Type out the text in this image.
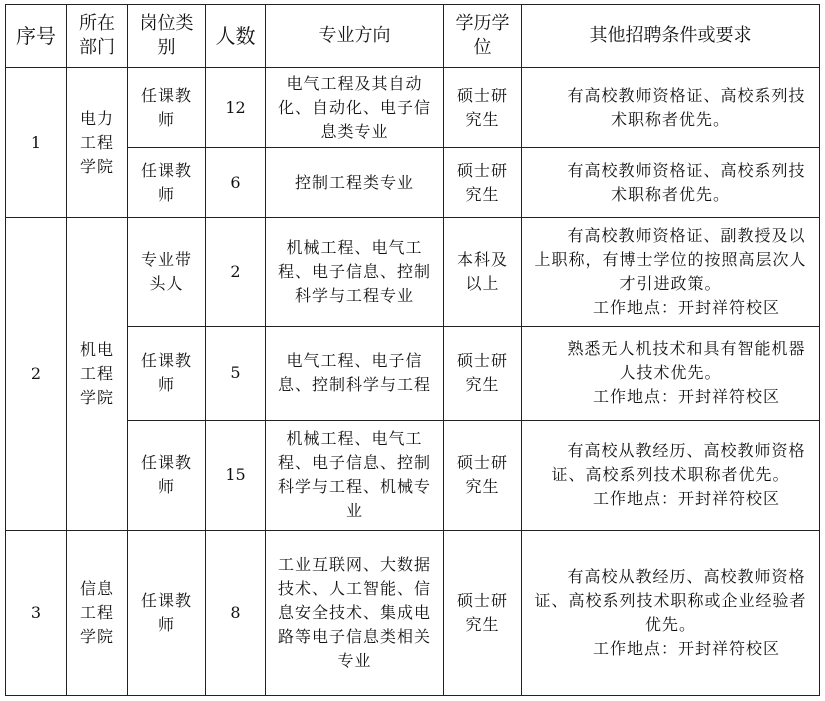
序号	所在部门	岗位类别	人数	专业方向	学历学位	其他招聘条件或要求
1	电力工程学院	任课教师	12	电气工程及其自动化、自动化、电子信息类专业	硕士研究生	有高校教师资格证、高校系列技术职称者优先。

		任课教师	6	控制工程类专业	硕士研究生	有高校教师资格证、高校系列技术职称者优先。

2	机电工程学院	专业带头人	2	机械工程、电气工程、电子信息、控制科学与工程专业	本科及以上	有高校教师资格证、副教授及以上职称，有博士学位的按照高层次人才引进政策。
工作地点：开封祥符校区

		任课教师	5	电气工程、电子信息、控制科学与工程	硕士研究生	熟悉无人机技术和具有智能机器人技术优先。
工作地点：开封祥符校区

		任课教师	15	机械工程、电气工程、电子信息、控制科学与工程、机械专业	硕士研究生	有高校从教经历、高校教师资格证、高校系列技术职称者优先。
工作地点：开封祥符校区

3	信息工程学院	任课教师	8	工业互联网、大数据技术、人工智能、信息安全技术、集成电路等电子信息类相关专业	硕士研究生	有高校从教经历、高校教师资格证、高校系列技术职称或企业经验者优先。
工作地点：开封祥符校区
